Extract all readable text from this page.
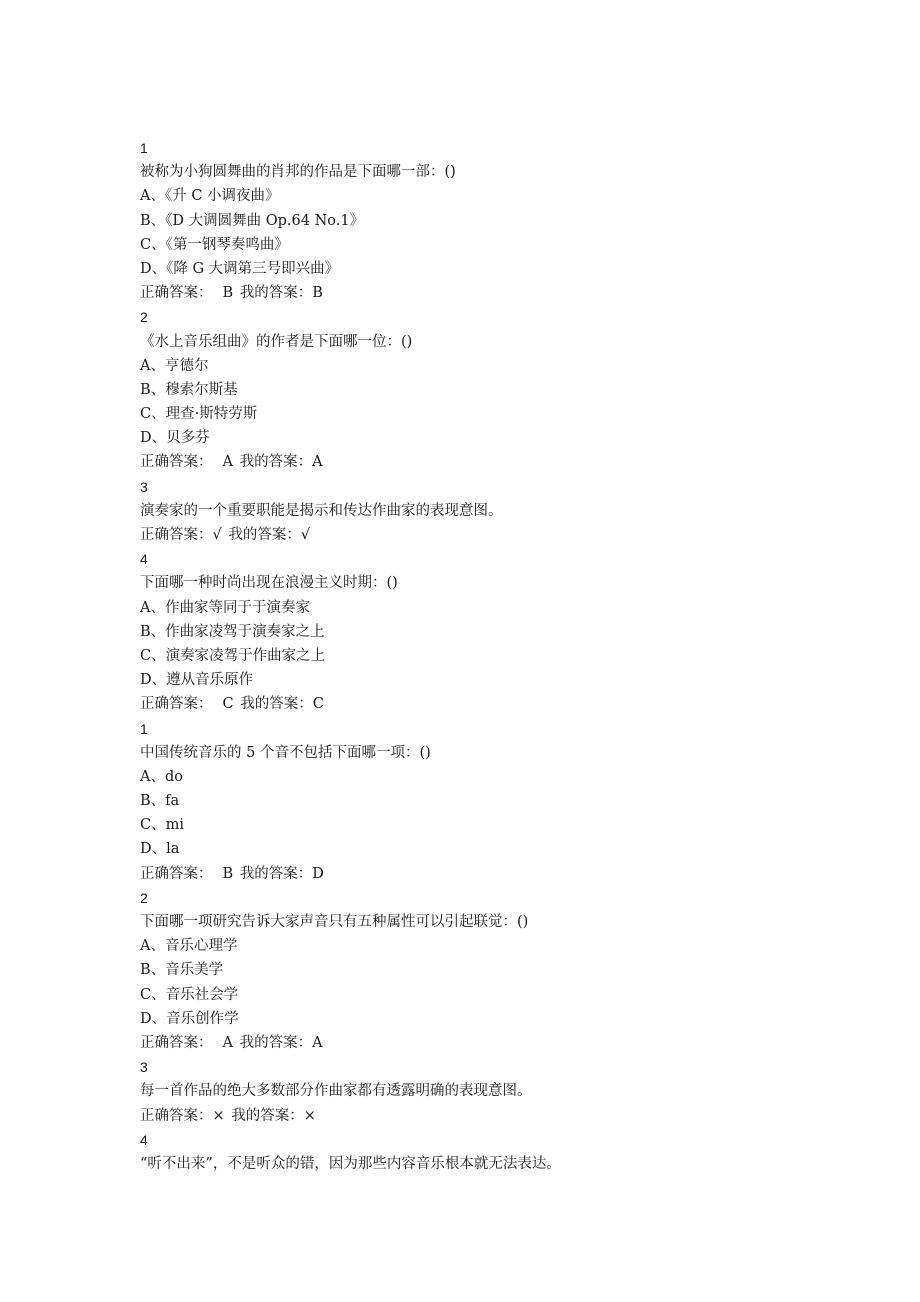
1
被称为小狗圆舞曲的肖邦的作品是下面哪一部：()
A、《升 C 小调夜曲》
B、《D 大调圆舞曲 Op.64 No.1》
C、《第一钢琴奏鸣曲》
D、《降 G 大调第三号即兴曲》
正确答案： B 我的答案：B
2
《水上音乐组曲》的作者是下面哪一位：()
A、亨德尔
B、穆索尔斯基
C、理查·斯特劳斯
D、贝多芬
正确答案： A 我的答案：A
3
演奏家的一个重要职能是揭示和传达作曲家的表现意图。
正确答案：√ 我的答案：√
4
下面哪一种时尚出现在浪漫主义时期：()
A、作曲家等同于于演奏家
B、作曲家凌驾于演奏家之上
C、演奏家凌驾于作曲家之上
D、遵从音乐原作
正确答案： C 我的答案：C
1
中国传统音乐的 5 个音不包括下面哪一项：()
A、do
B、fa
C、mi
D、la
正确答案： B 我的答案：D
2
下面哪一项研究告诉大家声音只有五种属性可以引起联觉：()
A、音乐心理学
B、音乐美学
C、音乐社会学
D、音乐创作学
正确答案： A 我的答案：A
3
每一首作品的绝大多数部分作曲家都有透露明确的表现意图。
正确答案：× 我的答案：×
4
“听不出来”，不是听众的错，因为那些内容音乐根本就无法表达。
